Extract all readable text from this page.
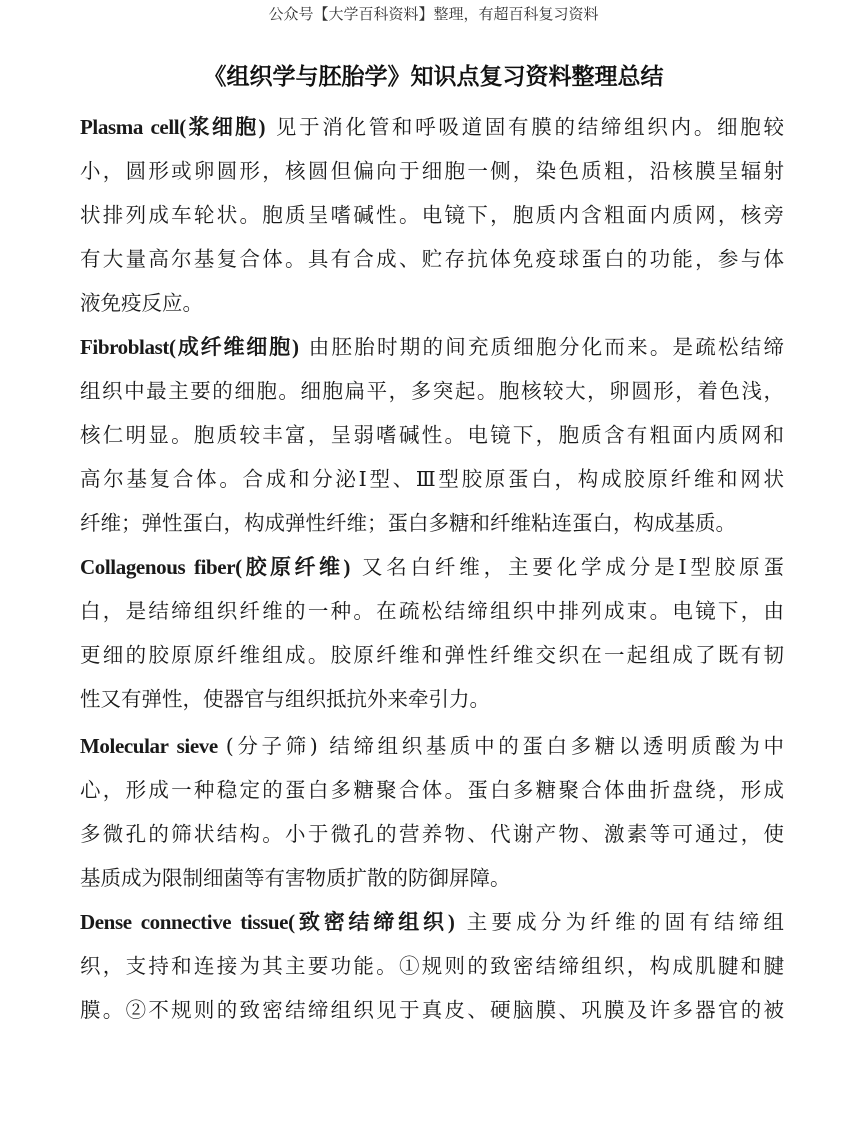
公众号【大学百科资料】整理，有超百科复习资料
《组织学与胚胎学》知识点复习资料整理总结
Plasma cell(浆细胞) 见于消化管和呼吸道固有膜的结缔组织内。细胞较
小，圆形或卵圆形，核圆但偏向于细胞一侧，染色质粗，沿核膜呈辐射
状排列成车轮状。胞质呈嗜碱性。电镜下，胞质内含粗面内质网，核旁
有大量高尔基复合体。具有合成、贮存抗体免疫球蛋白的功能，参与体
液免疫反应。
Fibroblast(成纤维细胞) 由胚胎时期的间充质细胞分化而来。是疏松结缔
组织中最主要的细胞。细胞扁平，多突起。胞核较大，卵圆形，着色浅，
核仁明显。胞质较丰富，呈弱嗜碱性。电镜下，胞质含有粗面内质网和
高尔基复合体。合成和分泌Ⅰ型、Ⅲ型胶原蛋白，构成胶原纤维和网状
纤维；弹性蛋白，构成弹性纤维；蛋白多糖和纤维粘连蛋白，构成基质。
Collagenous fiber(胶原纤维) 又名白纤维，主要化学成分是Ⅰ型胶原蛋
白，是结缔组织纤维的一种。在疏松结缔组织中排列成束。电镜下，由
更细的胶原原纤维组成。胶原纤维和弹性纤维交织在一起组成了既有韧
性又有弹性，使器官与组织抵抗外来牵引力。
Molecular sieve (分子筛) 结缔组织基质中的蛋白多糖以透明质酸为中
心，形成一种稳定的蛋白多糖聚合体。蛋白多糖聚合体曲折盘绕，形成
多微孔的筛状结构。小于微孔的营养物、代谢产物、激素等可通过，使
基质成为限制细菌等有害物质扩散的防御屏障。
Dense connective tissue(致密结缔组织) 主要成分为纤维的固有结缔组
织，支持和连接为其主要功能。①规则的致密结缔组织，构成肌腱和腱
膜。②不规则的致密结缔组织见于真皮、硬脑膜、巩膜及许多器官的被
